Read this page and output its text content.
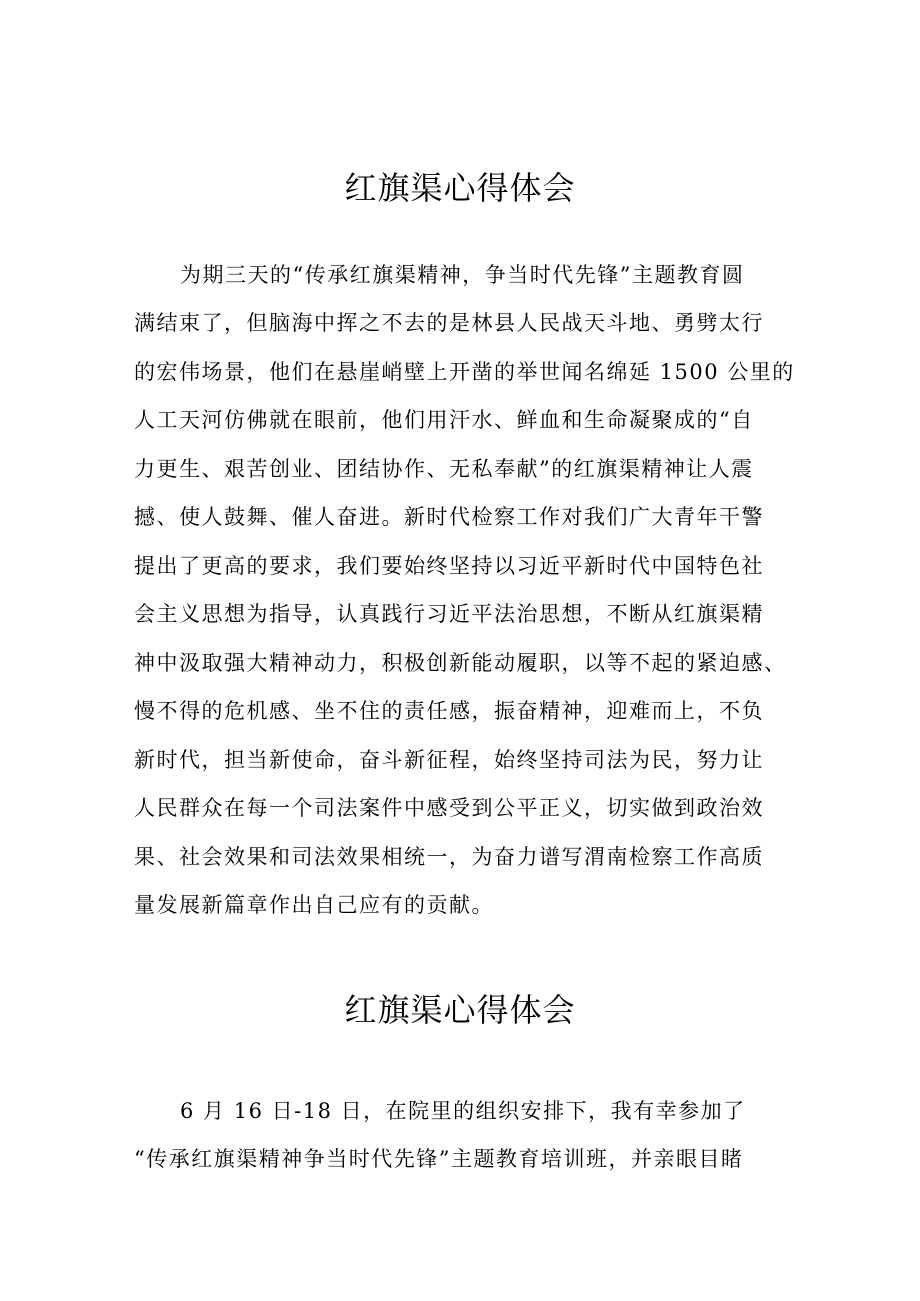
红旗渠心得体会

为期三天的“传承红旗渠精神，争当时代先锋”主题教育圆

满结束了，但脑海中挥之不去的是林县人民战天斗地、勇劈太行

的宏伟场景，他们在悬崖峭壁上开凿的举世闻名绵延 1500 公里的

人工天河仿佛就在眼前，他们用汗水、鲜血和生命凝聚成的“自

力更生、艰苦创业、团结协作、无私奉献”的红旗渠精神让人震

撼、使人鼓舞、催人奋进。新时代检察工作对我们广大青年干警

提出了更高的要求，我们要始终坚持以习近平新时代中国特色社

会主义思想为指导，认真践行习近平法治思想，不断从红旗渠精

神中汲取强大精神动力，积极创新能动履职，以等不起的紧迫感、

慢不得的危机感、坐不住的责任感，振奋精神，迎难而上，不负

新时代，担当新使命，奋斗新征程，始终坚持司法为民，努力让

人民群众在每一个司法案件中感受到公平正义，切实做到政治效

果、社会效果和司法效果相统一，为奋力谱写渭南检察工作高质

量发展新篇章作出自己应有的贡献。

红旗渠心得体会

6 月 16 日-18 日，在院里的组织安排下，我有幸参加了

“传承红旗渠精神争当时代先锋”主题教育培训班，并亲眼目睹
